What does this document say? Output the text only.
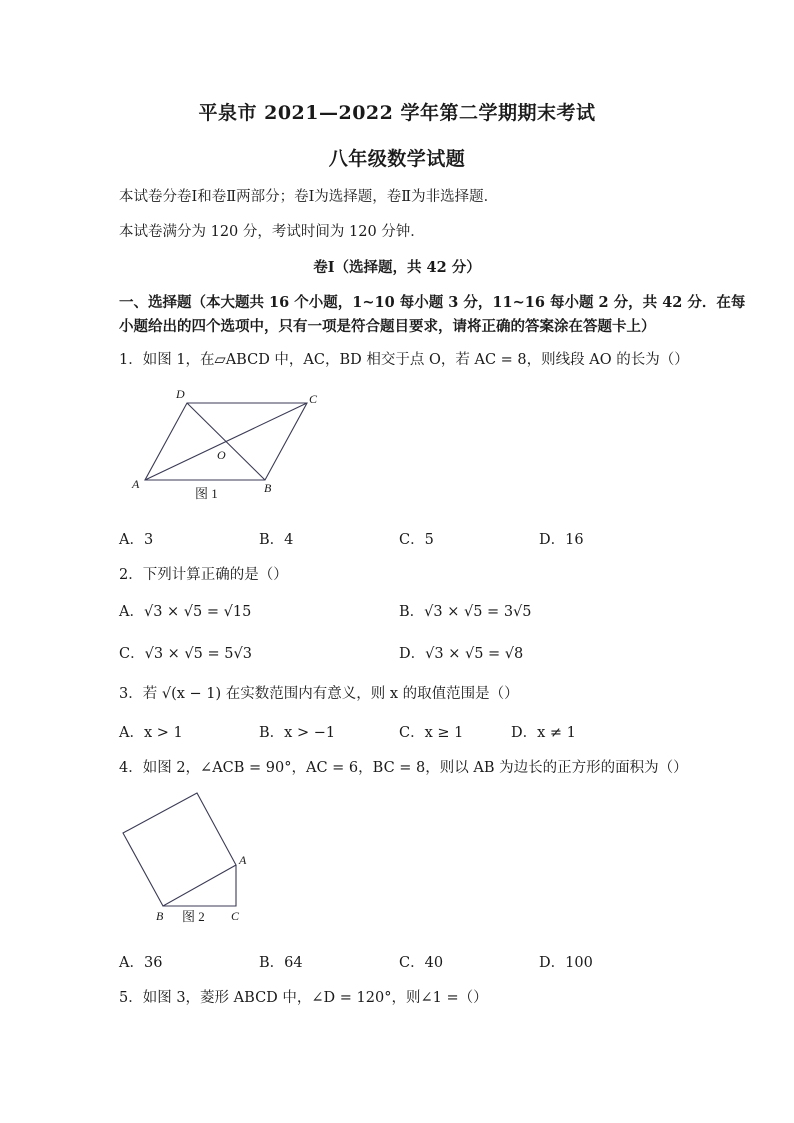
平泉市 2021—2022 学年第二学期期末考试
八年级数学试题
本试卷分卷Ⅰ和卷Ⅱ两部分；卷Ⅰ为选择题，卷Ⅱ为非选择题．
本试卷满分为 120 分，考试时间为 120 分钟．
卷Ⅰ（选择题，共 42 分）
一、选择题（本大题共 16 个小题，1~10 每小题 3 分，11~16 每小题 2 分，共 42 分．在每
小题给出的四个选项中，只有一项是符合题目要求，请将正确的答案涂在答题卡上）
1．如图 1，在▱ABCD 中，AC，BD 相交于点 O，若 AC = 8，则线段 AO 的长为（）
A	B
C
D
O
图 1
A．3	B．4	C．5	D．16
2．下列计算正确的是（）
A．√3 × √5 = √15	B．√3 × √5 = 3√5
C．√3 × √5 = 5√3	D．√3 × √5 = √8
3．若 √(x − 1) 在实数范围内有意义，则 x 的取值范围是（）
A．x > 1	B．x > −1	C．x ≥ 1	D．x ≠ 1
4．如图 2，∠ACB = 90°，AC = 6，BC = 8，则以 AB 为边长的正方形的面积为（）
A
B	C
图 2
A．36	B．64	C．40	D．100
5．如图 3，菱形 ABCD 中，∠D = 120°，则∠1 =（）
